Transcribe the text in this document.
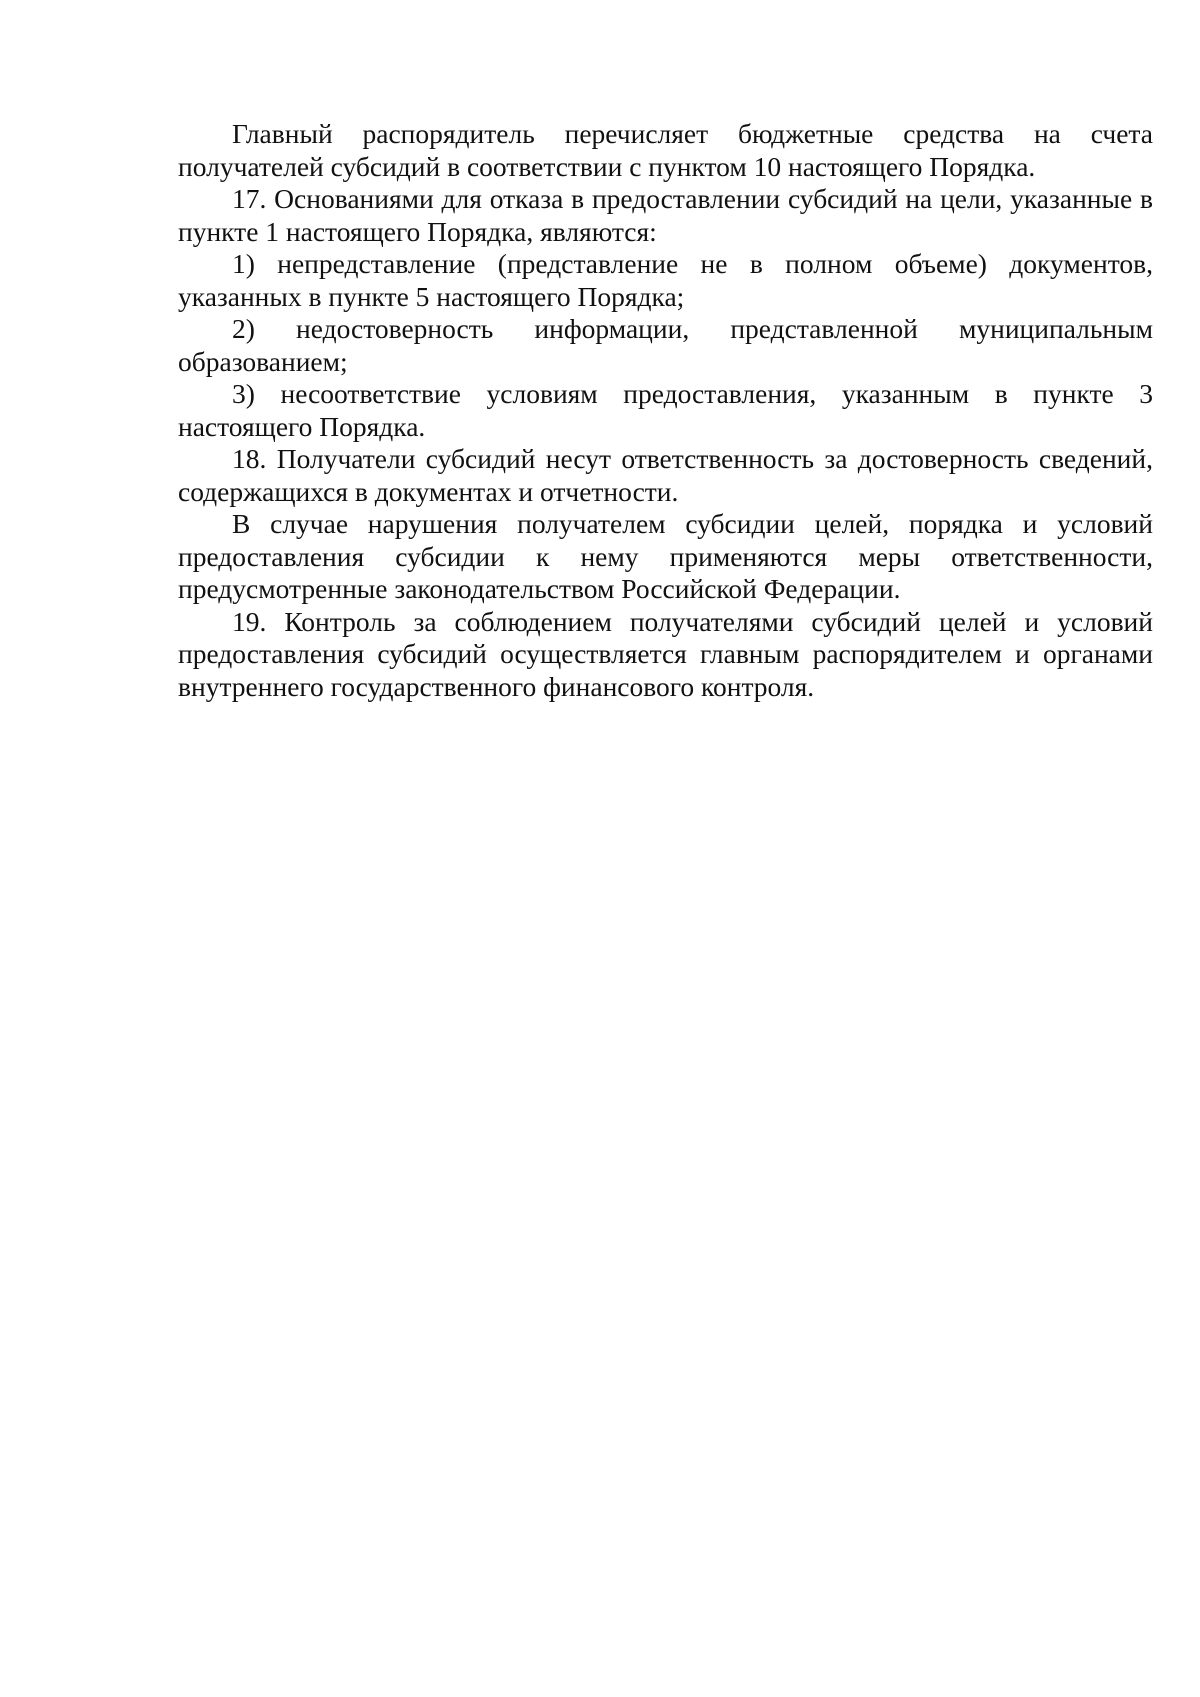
Главный распорядитель перечисляет бюджетные средства на счета получателей субсидий в соответствии с пунктом 10 настоящего Порядка.

17. Основаниями для отказа в предоставлении субсидий на цели, указанные в пункте 1 настоящего Порядка, являются:

1) непредставление (представление не в полном объеме) документов, указанных в пункте 5 настоящего Порядка;

2) недостоверность информации, представленной муниципальным образованием;

3) несоответствие условиям предоставления, указанным в пункте 3 настоящего Порядка.

18. Получатели субсидий несут ответственность за достоверность сведений, содержащихся в документах и отчетности.

В случае нарушения получателем субсидии целей, порядка и условий предоставления субсидии к нему применяются меры ответственности, предусмотренные законодательством Российской Федерации.

19. Контроль за соблюдением получателями субсидий целей и условий предоставления субсидий осуществляется главным распорядителем и органами внутреннего государственного финансового контроля.
